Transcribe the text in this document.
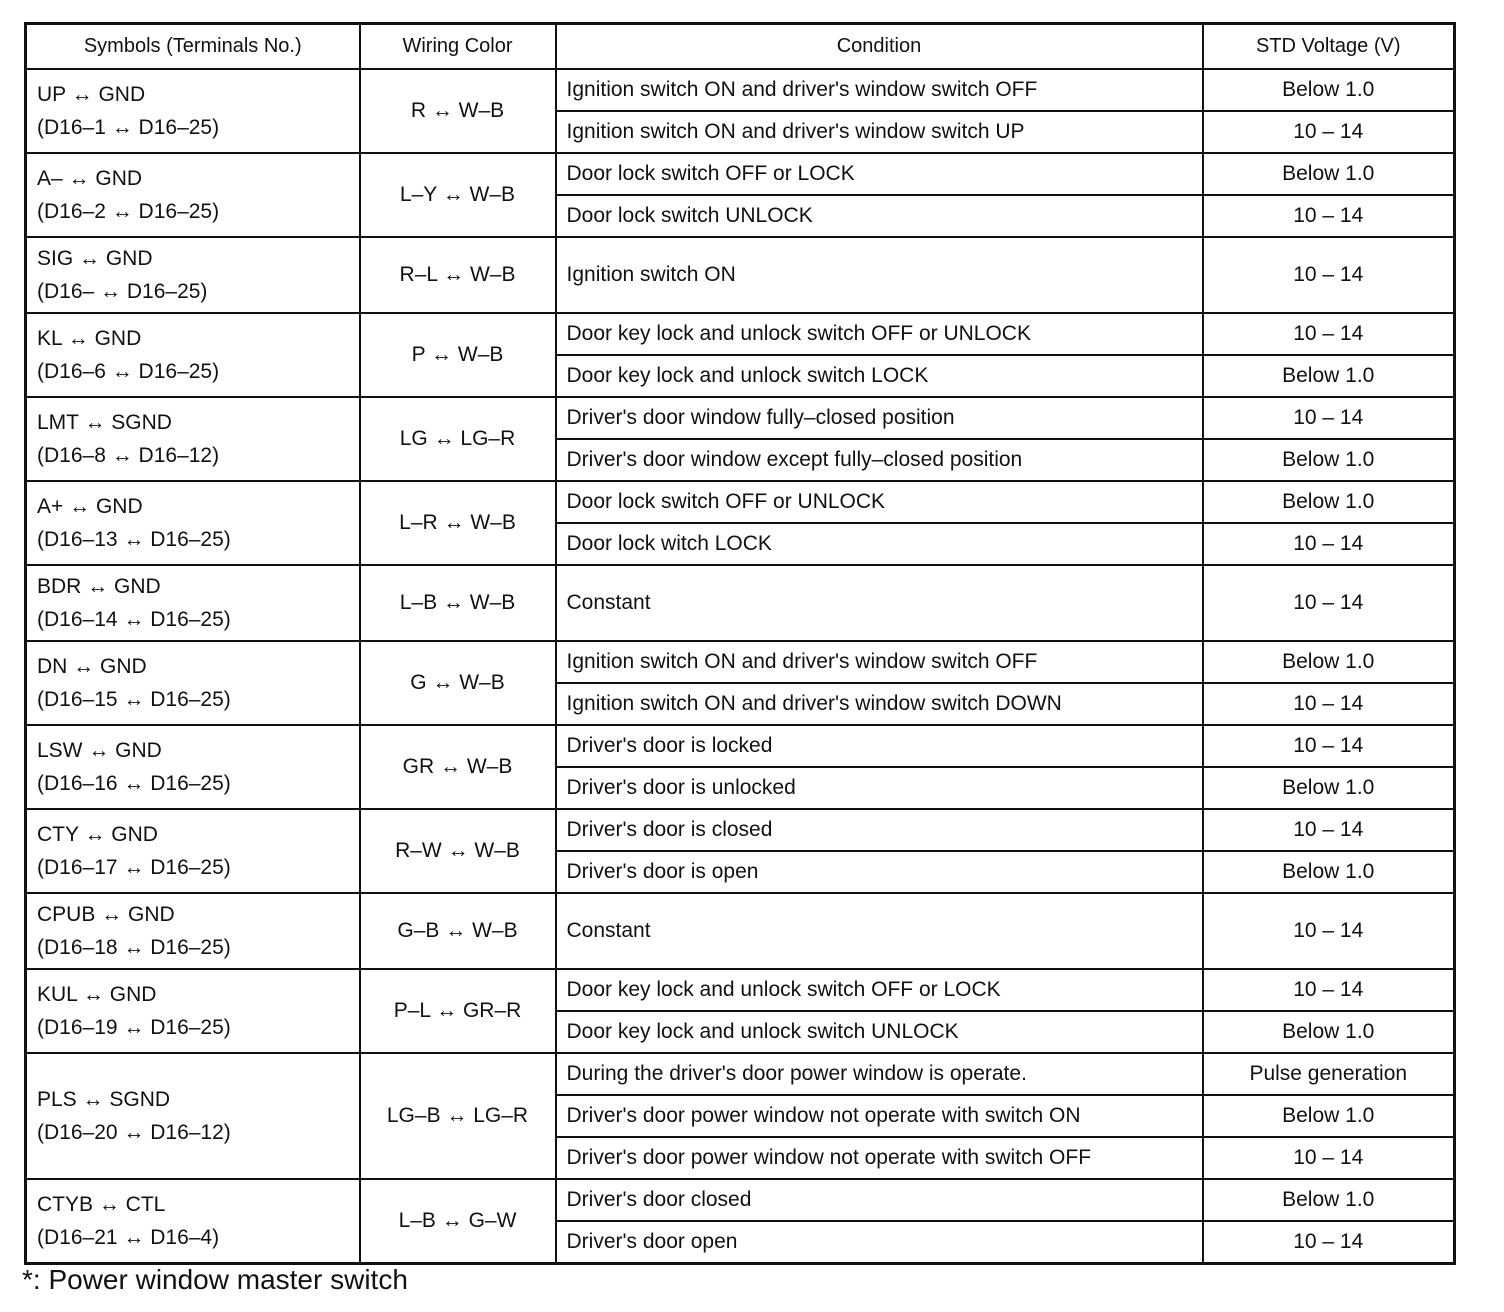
Symbols (Terminals No.)	Wiring Color	Condition	STD Voltage (V)

UP ↔ GND
(D16–1 ↔ D16–25)	R ↔ W–B	Ignition switch ON and driver's window switch OFF	Below 1.0
		Ignition switch ON and driver's window switch UP	10 – 14

A– ↔ GND
(D16–2 ↔ D16–25)	L–Y ↔ W–B	Door lock switch OFF or LOCK	Below 1.0
		Door lock switch UNLOCK	10 – 14

SIG ↔ GND
(D16– ↔ D16–25)	R–L ↔ W–B	Ignition switch ON	10 – 14

KL ↔ GND
(D16–6 ↔ D16–25)	P ↔ W–B	Door key lock and unlock switch OFF or UNLOCK	10 – 14
		Door key lock and unlock switch LOCK	Below 1.0

LMT ↔ SGND
(D16–8 ↔ D16–12)	LG ↔ LG–R	Driver's door window fully–closed position	10 – 14
		Driver's door window except fully–closed position	Below 1.0

A+ ↔ GND
(D16–13 ↔ D16–25)	L–R ↔ W–B	Door lock switch OFF or UNLOCK	Below 1.0
		Door lock witch LOCK	10 – 14

BDR ↔ GND
(D16–14 ↔ D16–25)	L–B ↔ W–B	Constant	10 – 14

DN ↔ GND
(D16–15 ↔ D16–25)	G ↔ W–B	Ignition switch ON and driver's window switch OFF	Below 1.0
		Ignition switch ON and driver's window switch DOWN	10 – 14

LSW ↔ GND
(D16–16 ↔ D16–25)	GR ↔ W–B	Driver's door is locked	10 – 14
		Driver's door is unlocked	Below 1.0

CTY ↔ GND
(D16–17 ↔ D16–25)	R–W ↔ W–B	Driver's door is closed	10 – 14
		Driver's door is open	Below 1.0

CPUB ↔ GND
(D16–18 ↔ D16–25)	G–B ↔ W–B	Constant	10 – 14

KUL ↔ GND
(D16–19 ↔ D16–25)	P–L ↔ GR–R	Door key lock and unlock switch OFF or LOCK	10 – 14
		Door key lock and unlock switch UNLOCK	Below 1.0

PLS ↔ SGND
(D16–20 ↔ D16–12)	LG–B ↔ LG–R	During the driver's door power window is operate.	Pulse generation
		Driver's door power window not operate with switch ON	Below 1.0
		Driver's door power window not operate with switch OFF	10 – 14

CTYB ↔ CTL
(D16–21 ↔ D16–4)	L–B ↔ G–W	Driver's door closed	Below 1.0
		Driver's door open	10 – 14
*: Power window master switch
